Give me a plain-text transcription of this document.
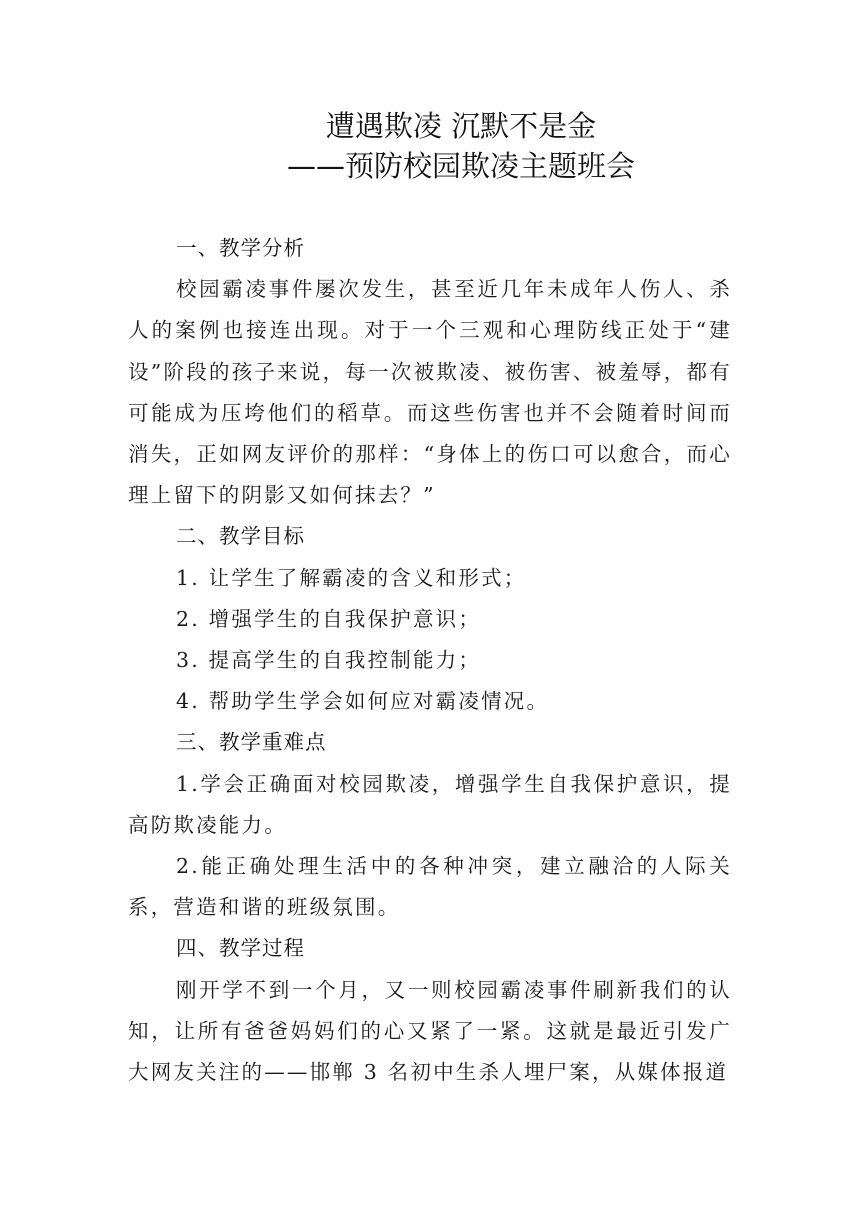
遭遇欺凌 沉默不是金
——预防校园欺凌主题班会
一、教学分析

校园霸凌事件屡次发生，甚至近几年未成年人伤人、杀人的案例也接连出现。对于一个三观和心理防线正处于“建设”阶段的孩子来说，每一次被欺凌、被伤害、被羞辱，都有可能成为压垮他们的稻草。而这些伤害也并不会随着时间而消失，正如网友评价的那样：“身体上的伤口可以愈合，而心理上留下的阴影又如何抹去？”

二、教学目标
1. 让学生了解霸凌的含义和形式；
2. 增强学生的自我保护意识；
3. 提高学生的自我控制能力；
4. 帮助学生学会如何应对霸凌情况。
三、教学重难点

1.学会正确面对校园欺凌，增强学生自我保护意识，提高防欺凌能力。

2.能正确处理生活中的各种冲突，建立融洽的人际关系，营造和谐的班级氛围。

四、教学过程

刚开学不到一个月，又一则校园霸凌事件刷新我们的认知，让所有爸爸妈妈们的心又紧了一紧。这就是最近引发广大网友关注的——邯郸 3 名初中生杀人埋尸案，从媒体报道
